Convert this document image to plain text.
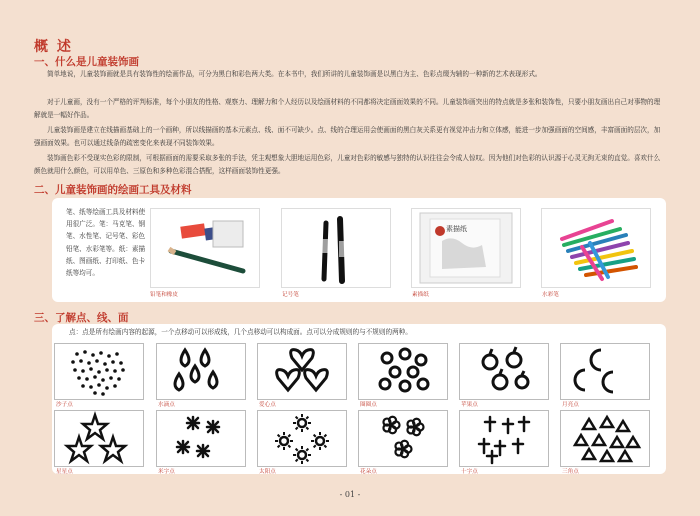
概 述
一、什么是儿童装饰画
简单地说，儿童装饰画就是具有装饰性的绘画作品，可分为黑白和彩色两大类。在本书中，我们所讲的儿童装饰画是以黑白为主、色彩点缀为辅的一种新的艺术表现形式。
对于儿童画，没有一个严格的评判标准，每个小朋友的性格、观察力、理解力和个人经历以及绘画材料的不同都将决定画面效果的不同。儿童装饰画突出的特点就是多张和装饰性，只要小朋友画出自己对事物的理解就是一幅好作品。
儿童装饰画是建立在线描画基础上的一个画种，所以线描画的基本元素点、线、面不可缺少。点、线的合理运用会使画面的黑白灰关系更有视觉冲击力和立体感，能进一步加强画面的空间感，丰富画面的层次，加强画面效果。也可以通过线条的疏密变化来表现不同装饰效果。
装饰画色彩不受现实色彩的限制，可根据画面的需要采取多张的手法，凭主观想象大胆地运用色彩，儿童对色彩的敏感与独特的认识往往会令成人惊叹。因为他们对色彩的认识源于心灵无拘无束的直觉。喜欢什么颜色就用什么颜色，可以用单色、三原色和多种色彩混合搭配，这样画面装饰性更强。
二、儿童装饰画的绘画工具及材料
笔、纸等绘画工具及材料使用很广泛。笔：马克笔、钢笔、水性笔、记号笔、彩色铅笔、水彩笔等。纸：素描纸、图画纸、打印纸、色卡纸等均可。
铅笔和橡皮	记号笔
素描纸
素描纸	水彩笔
三、了解点、线、面
点：点是所有绘画内容的起源，一个点移动可以形成线，几个点移动可以构成面。点可以分成规则的与不规则的两种。
沙子点	水滴点	爱心点	圈圈点	苹果点	月亮点
星星点	米字点	太阳点	花朵点	十字点	三角点
- 01 -
